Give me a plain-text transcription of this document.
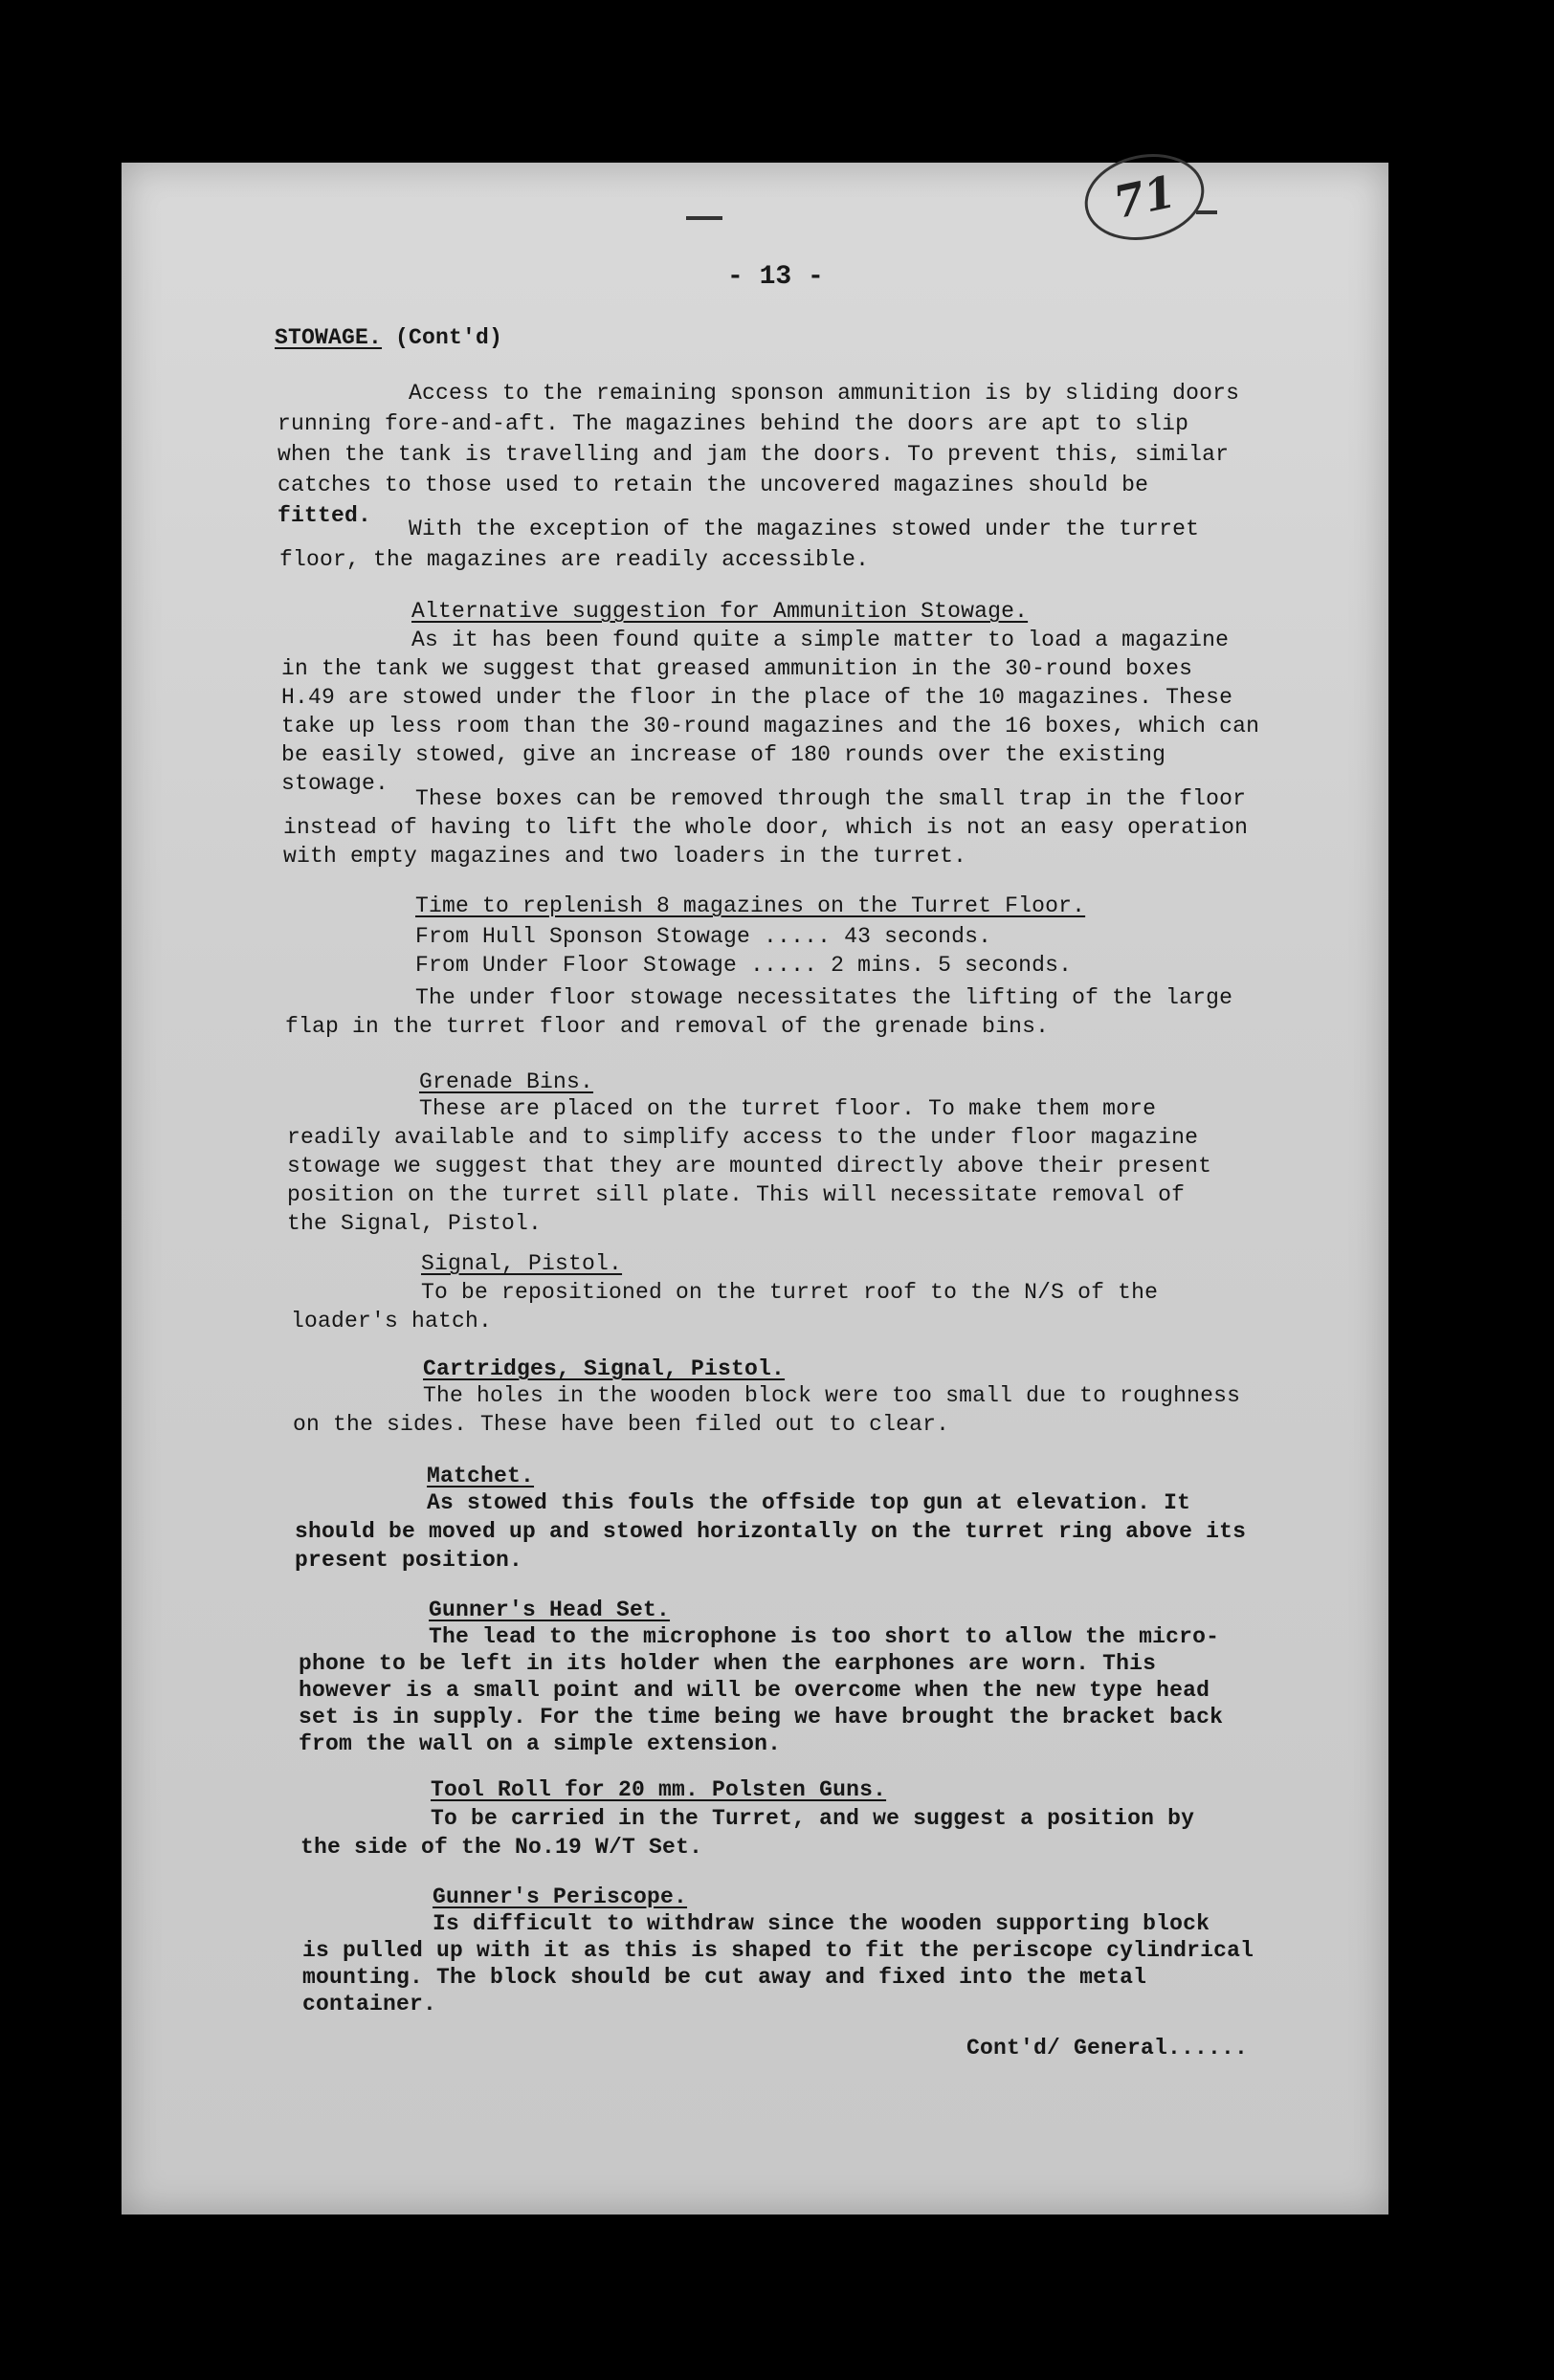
71
- 13 -
STOWAGE. (Cont'd)
Access to the remaining sponson ammunition is by sliding doors
running fore-and-aft. The magazines behind the doors are apt to slip
when the tank is travelling and jam the doors. To prevent this, similar
catches to those used to retain the uncovered magazines should be
fitted.
With the exception of the magazines stowed under the turret
floor, the magazines are readily accessible.
Alternative suggestion for Ammunition Stowage.
As it has been found quite a simple matter to load a magazine
in the tank we suggest that greased ammunition in the 30-round boxes
H.49 are stowed under the floor in the place of the 10 magazines. These
take up less room than the 30-round magazines and the 16 boxes, which can
be easily stowed, give an increase of 180 rounds over the existing
stowage.
These boxes can be removed through the small trap in the floor
instead of having to lift the whole door, which is not an easy operation
with empty magazines and two loaders in the turret.
Time to replenish 8 magazines on the Turret Floor.
From Hull Sponson Stowage ..... 43 seconds.
From Under Floor Stowage ..... 2 mins. 5 seconds.
The under floor stowage necessitates the lifting of the large
flap in the turret floor and removal of the grenade bins.
Grenade Bins.
These are placed on the turret floor. To make them more
readily available and to simplify access to the under floor magazine
stowage we suggest that they are mounted directly above their present
position on the turret sill plate. This will necessitate removal of
the Signal, Pistol.
Signal, Pistol.
To be repositioned on the turret roof to the N/S of the
loader's hatch.
Cartridges, Signal, Pistol.
The holes in the wooden block were too small due to roughness
on the sides. These have been filed out to clear.
Matchet.
As stowed this fouls the offside top gun at elevation. It
should be moved up and stowed horizontally on the turret ring above its
present position.
Gunner's Head Set.
The lead to the microphone is too short to allow the micro-
phone to be left in its holder when the earphones are worn. This
however is a small point and will be overcome when the new type head
set is in supply. For the time being we have brought the bracket back
from the wall on a simple extension.
Tool Roll for 20 mm. Polsten Guns.
To be carried in the Turret, and we suggest a position by
the side of the No.19 W/T Set.
Gunner's Periscope.
Is difficult to withdraw since the wooden supporting block
is pulled up with it as this is shaped to fit the periscope cylindrical
mounting. The block should be cut away and fixed into the metal
container.
Cont'd/ General......
